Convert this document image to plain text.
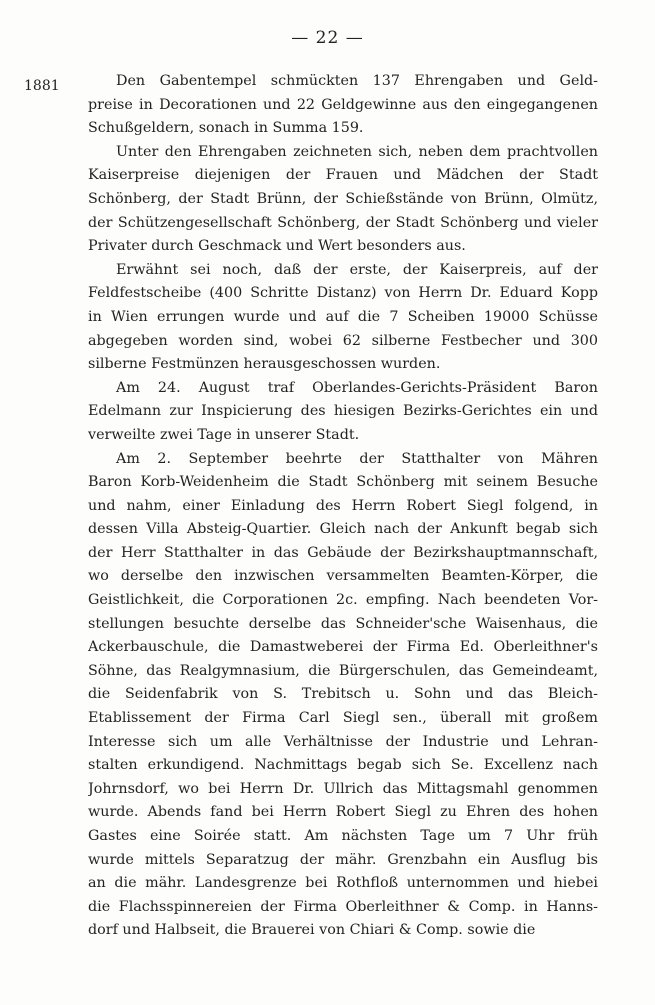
— 22 —
1881	Den Gabentempel schmückten 137 Ehrengaben und Geld-
preise in Decorationen und 22 Geldgewinne aus den eingegangenen
Schußgeldern, sonach in Summa 159.
Unter den Ehrengaben zeichneten sich, neben dem prachtvollen
Kaiserpreise diejenigen der Frauen und Mädchen der Stadt
Schönberg, der Stadt Brünn, der Schießstände von Brünn, Olmütz,
der Schützengesellschaft Schönberg, der Stadt Schönberg und vieler
Privater durch Geschmack und Wert besonders aus.
Erwähnt sei noch, daß der erste, der Kaiserpreis, auf der
Feldfestscheibe (400 Schritte Distanz) von Herrn Dr. Eduard Kopp
in Wien errungen wurde und auf die 7 Scheiben 19000 Schüsse
abgegeben worden sind, wobei 62 silberne Festbecher und 300
silberne Festmünzen herausgeschossen wurden.
Am 24. August traf Oberlandes-Gerichts-Präsident Baron
Edelmann zur Inspicierung des hiesigen Bezirks-Gerichtes ein und
verweilte zwei Tage in unserer Stadt.
Am 2. September beehrte der Statthalter von Mähren
Baron Korb-Weidenheim die Stadt Schönberg mit seinem Besuche
und nahm, einer Einladung des Herrn Robert Siegl folgend, in
dessen Villa Absteig-Quartier. Gleich nach der Ankunft begab sich
der Herr Statthalter in das Gebäude der Bezirkshauptmannschaft,
wo derselbe den inzwischen versammelten Beamten-Körper, die
Geistlichkeit, die Corporationen 2c. empfing. Nach beendeten Vor-
stellungen besuchte derselbe das Schneider'sche Waisenhaus, die
Ackerbauschule, die Damastweberei der Firma Ed. Oberleithner's
Söhne, das Realgymnasium, die Bürgerschulen, das Gemeindeamt,
die Seidenfabrik von S. Trebitsch u. Sohn und das Bleich-
Etablissement der Firma Carl Siegl sen., überall mit großem
Interesse sich um alle Verhältnisse der Industrie und Lehran-
stalten erkundigend. Nachmittags begab sich Se. Excellenz nach
Johrnsdorf, wo bei Herrn Dr. Ullrich das Mittagsmahl genommen
wurde. Abends fand bei Herrn Robert Siegl zu Ehren des hohen
Gastes eine Soirée statt. Am nächsten Tage um 7 Uhr früh
wurde mittels Separatzug der mähr. Grenzbahn ein Ausflug bis
an die mähr. Landesgrenze bei Rothfloß unternommen und hiebei
die Flachsspinnereien der Firma Oberleithner & Comp. in Hanns-
dorf und Halbseit, die Brauerei von Chiari & Comp. sowie die
